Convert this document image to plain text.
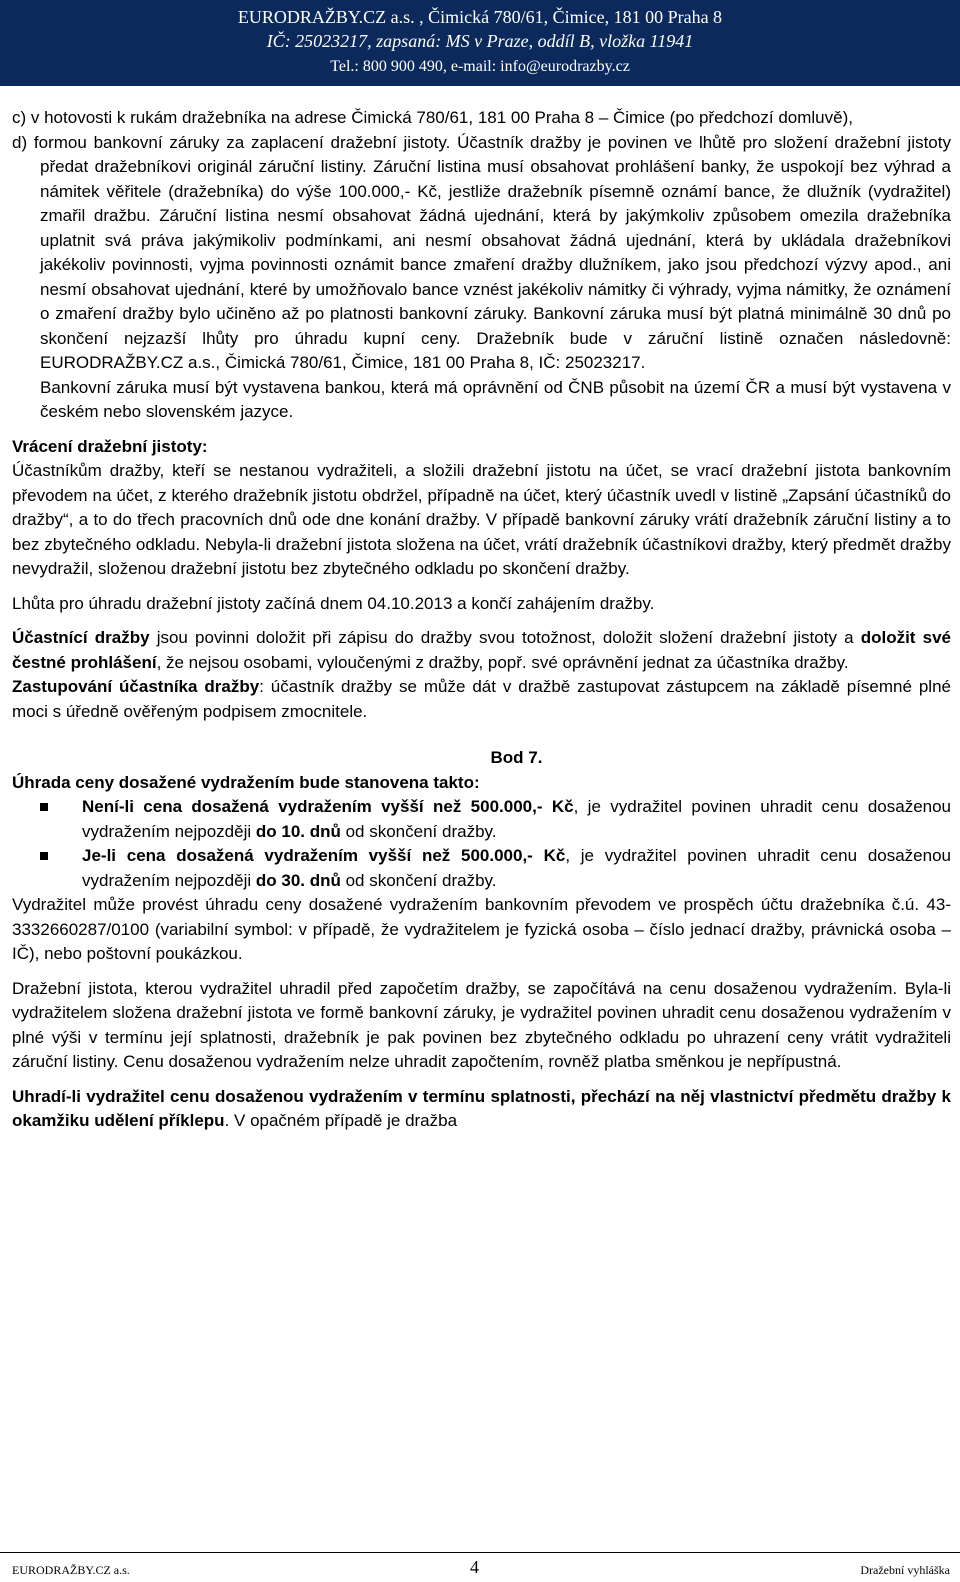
EURODRAŽBY.CZ a.s. , Čimická 780/61, Čimice, 181 00 Praha 8
IČ: 25023217, zapsaná: MS v Praze, oddíl B, vložka 11941
Tel.: 800 900 490, e-mail: info@eurodrazby.cz

c) v hotovosti k rukám dražebníka na adrese Čimická 780/61, 181 00 Praha 8 – Čimice (po předchozí domluvě),

d) formou bankovní záruky za zaplacení dražební jistoty. Účastník dražby je povinen ve lhůtě pro složení dražební jistoty předat dražebníkovi originál záruční listiny. Záruční listina musí obsahovat prohlášení banky, že uspokojí bez výhrad a námitek věřitele (dražebníka) do výše 100.000,- Kč, jestliže dražebník písemně oznámí bance, že dlužník (vydražitel) zmařil dražbu. Záruční listina nesmí obsahovat žádná ujednání, která by jakýmkoliv způsobem omezila dražebníka uplatnit svá práva jakýmikoliv podmínkami, ani nesmí obsahovat žádná ujednání, která by ukládala dražebníkovi jakékoliv povinnosti, vyjma povinnosti oznámit bance zmaření dražby dlužníkem, jako jsou předchozí výzvy apod., ani nesmí obsahovat ujednání, které by umožňovalo bance vznést jakékoliv námitky či výhrady, vyjma námitky, že oznámení o zmaření dražby bylo učiněno až po platnosti bankovní záruky. Bankovní záruka musí být platná minimálně 30 dnů po skončení nejzazší lhůty pro úhradu kupní ceny. Dražebník bude v záruční listině označen následovně: EURODRAŽBY.CZ a.s., Čimická 780/61, Čimice, 181 00 Praha 8, IČ: 25023217.

Bankovní záruka musí být vystavena bankou, která má oprávnění od ČNB působit na území ČR a musí být vystavena v českém nebo slovenském jazyce.

Vrácení dražební jistoty:

Účastníkům dražby, kteří se nestanou vydražiteli, a složili dražební jistotu na účet, se vrací dražební jistota bankovním převodem na účet, z kterého dražebník jistotu obdržel, případně na účet, který účastník uvedl v listině „Zapsání účastníků do dražby“, a to do třech pracovních dnů ode dne konání dražby. V případě bankovní záruky vrátí dražebník záruční listiny a to bez zbytečného odkladu. Nebyla-li dražební jistota složena na účet, vrátí dražebník účastníkovi dražby, který předmět dražby nevydražil, složenou dražební jistotu bez zbytečného odkladu po skončení dražby.

Lhůta pro úhradu dražební jistoty začíná dnem 04.10.2013 a končí zahájením dražby.

Účastnící dražby jsou povinni doložit při zápisu do dražby svou totožnost, doložit složení dražební jistoty a doložit své čestné prohlášení, že nejsou osobami, vyloučenými z dražby, popř. své oprávnění jednat za účastníka dražby.

Zastupování účastníka dražby: účastník dražby se může dát v dražbě zastupovat zástupcem na základě písemné plné moci s úředně ověřeným podpisem zmocnitele.

Bod 7.

Úhrada ceny dosažené vydražením bude stanovena takto:

Není-li cena dosažená vydražením vyšší než 500.000,- Kč, je vydražitel povinen uhradit cenu dosaženou vydražením nejpozději do 10. dnů od skončení dražby.
Je-li cena dosažená vydražením vyšší než 500.000,- Kč, je vydražitel povinen uhradit cenu dosaženou vydražením nejpozději do 30. dnů od skončení dražby.

Vydražitel může provést úhradu ceny dosažené vydražením bankovním převodem ve prospěch účtu dražebníka č.ú. 43-3332660287/0100 (variabilní symbol: v případě, že vydražitelem je fyzická osoba – číslo jednací dražby, právnická osoba – IČ), nebo poštovní poukázkou.

Dražební jistota, kterou vydražitel uhradil před započetím dražby, se započítává na cenu dosaženou vydražením. Byla-li vydražitelem složena dražební jistota ve formě bankovní záruky, je vydražitel povinen uhradit cenu dosaženou vydražením v plné výši v termínu její splatnosti, dražebník je pak povinen bez zbytečného odkladu po uhrazení ceny vrátit vydražiteli záruční listiny. Cenu dosaženou vydražením nelze uhradit započtením, rovněž platba směnkou je nepřípustná.

Uhradí-li vydražitel cenu dosaženou vydražením v termínu splatnosti, přechází na něj vlastnictví předmětu dražby k okamžiku udělení příklepu. V opačném případě je dražba

EURODRAŽBY.CZ a.s.	4	Dražební vyhláška
